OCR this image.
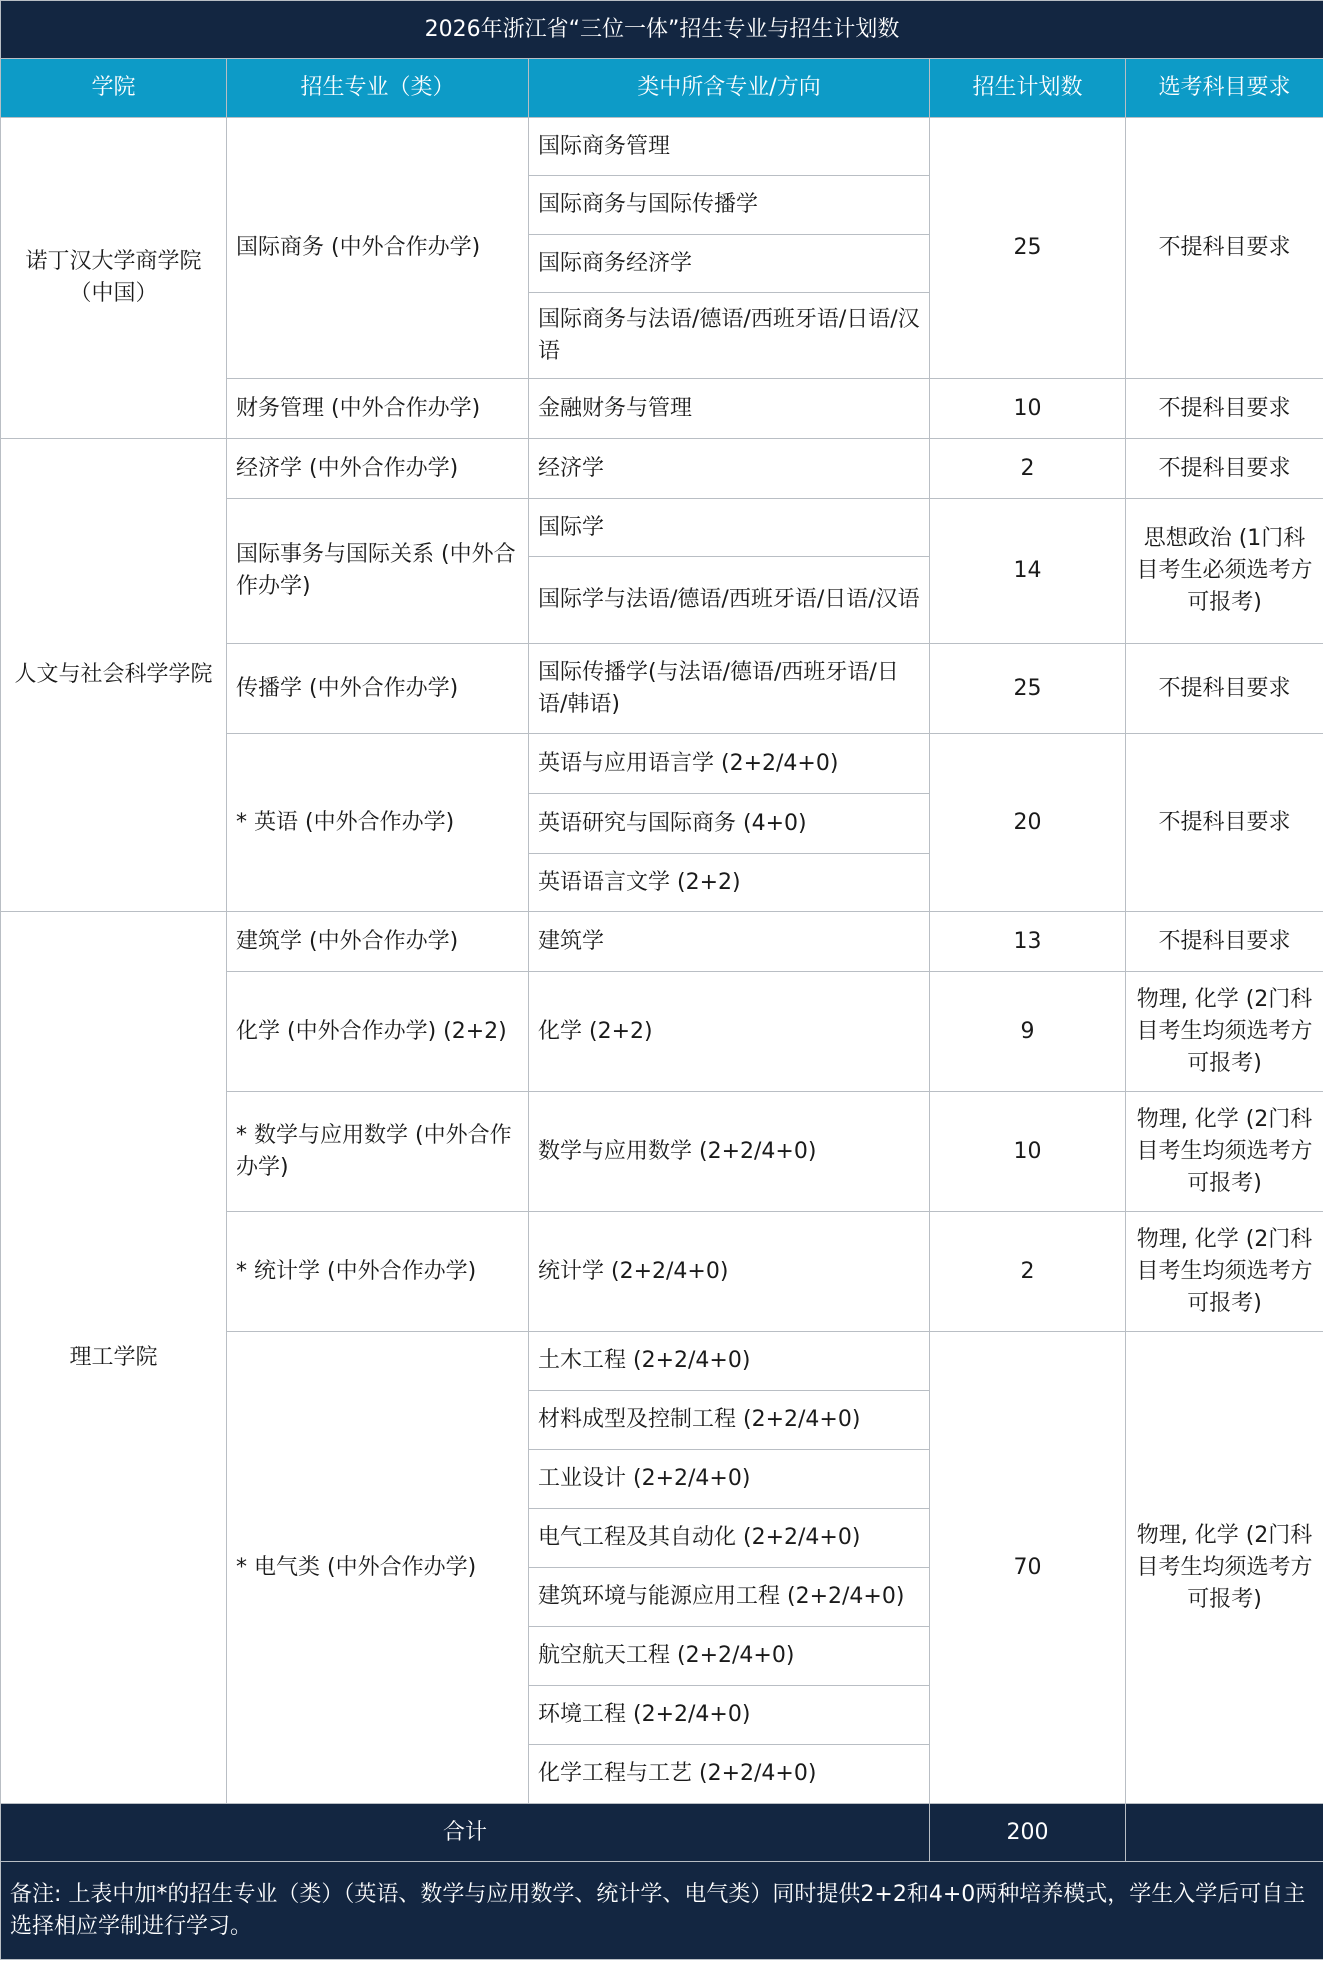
2026年浙江省“三位一体”招生专业与招生计划数				
学院	招生专业（类）	类中所含专业/方向	招生计划数	选考科目要求
诺丁汉大学商学院（中国）	国际商务 (中外合作办学)	国际商务管理	25	不提科目要求
		国际商务与国际传播学		
		国际商务经济学		
		国际商务与法语/德语/西班牙语/日语/汉语		
	财务管理 (中外合作办学)	金融财务与管理	10	不提科目要求
人文与社会科学学院	经济学 (中外合作办学)	经济学	2	不提科目要求
	国际事务与国际关系 (中外合作办学)	国际学	14	思想政治 (1门科目考生必须选考方可报考)
		国际学与法语/德语/西班牙语/日语/汉语		
	传播学 (中外合作办学)	国际传播学(与法语/德语/西班牙语/日语/韩语)	25	不提科目要求
	* 英语 (中外合作办学)	英语与应用语言学 (2+2/4+0)	20	不提科目要求
		英语研究与国际商务 (4+0)		
		英语语言文学 (2+2)		
理工学院	建筑学 (中外合作办学)	建筑学	13	不提科目要求
	化学 (中外合作办学) (2+2)	化学 (2+2)	9	物理, 化学 (2门科目考生均须选考方可报考)
	* 数学与应用数学 (中外合作办学)	数学与应用数学 (2+2/4+0)	10	物理, 化学 (2门科目考生均须选考方可报考)
	* 统计学 (中外合作办学)	统计学 (2+2/4+0)	2	物理, 化学 (2门科目考生均须选考方可报考)
	* 电气类 (中外合作办学)	土木工程 (2+2/4+0)	70	物理, 化学 (2门科目考生均须选考方可报考)
		材料成型及控制工程 (2+2/4+0)		
		工业设计 (2+2/4+0)		
		电气工程及其自动化 (2+2/4+0)		
		建筑环境与能源应用工程 (2+2/4+0)		
		航空航天工程 (2+2/4+0)		
		环境工程 (2+2/4+0)		
		化学工程与工艺 (2+2/4+0)		
合计			200	
备注: 上表中加*的招生专业（类）（英语、数学与应用数学、统计学、电气类）同时提供2+2和4+0两种培养模式，学生入学后可自主选择相应学制进行学习。				
